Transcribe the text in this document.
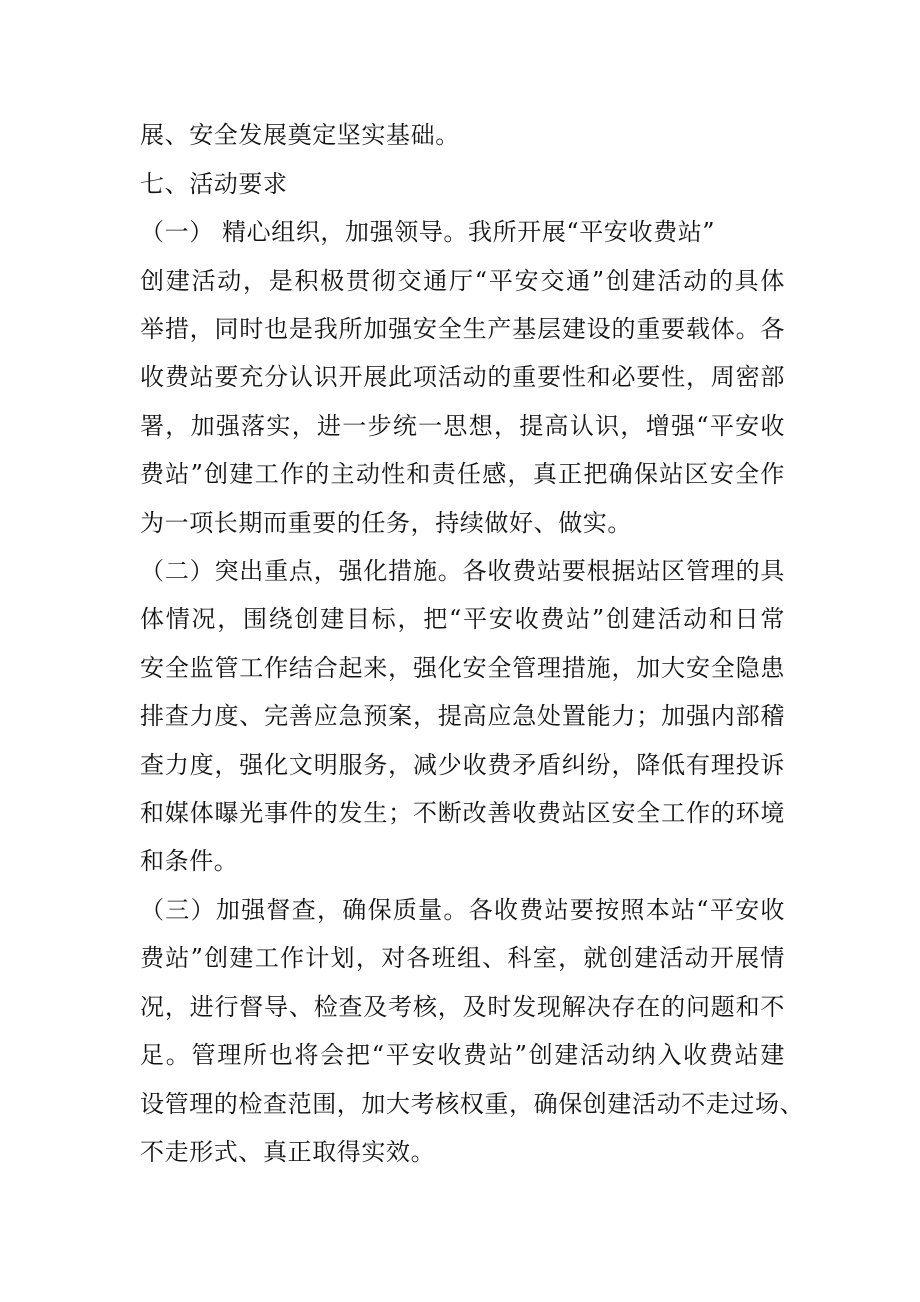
展、安全发展奠定坚实基础。
七、活动要求
（一） 精心组织，加强领导。我所开展“平安收费站”
创建活动，是积极贯彻交通厅“平安交通”创建活动的具体
举措，同时也是我所加强安全生产基层建设的重要载体。各
收费站要充分认识开展此项活动的重要性和必要性，周密部
署，加强落实，进一步统一思想，提高认识，增强“平安收
费站”创建工作的主动性和责任感，真正把确保站区安全作
为一项长期而重要的任务，持续做好、做实。
（二）突出重点，强化措施。各收费站要根据站区管理的具
体情况，围绕创建目标，把“平安收费站”创建活动和日常
安全监管工作结合起来，强化安全管理措施，加大安全隐患
排查力度、完善应急预案，提高应急处置能力；加强内部稽
查力度，强化文明服务，减少收费矛盾纠纷，降低有理投诉
和媒体曝光事件的发生；不断改善收费站区安全工作的环境
和条件。
（三）加强督查，确保质量。各收费站要按照本站“平安收
费站”创建工作计划，对各班组、科室，就创建活动开展情
况，进行督导、检查及考核，及时发现解决存在的问题和不
足。管理所也将会把“平安收费站”创建活动纳入收费站建
设管理的检查范围，加大考核权重，确保创建活动不走过场、
不走形式、真正取得实效。
